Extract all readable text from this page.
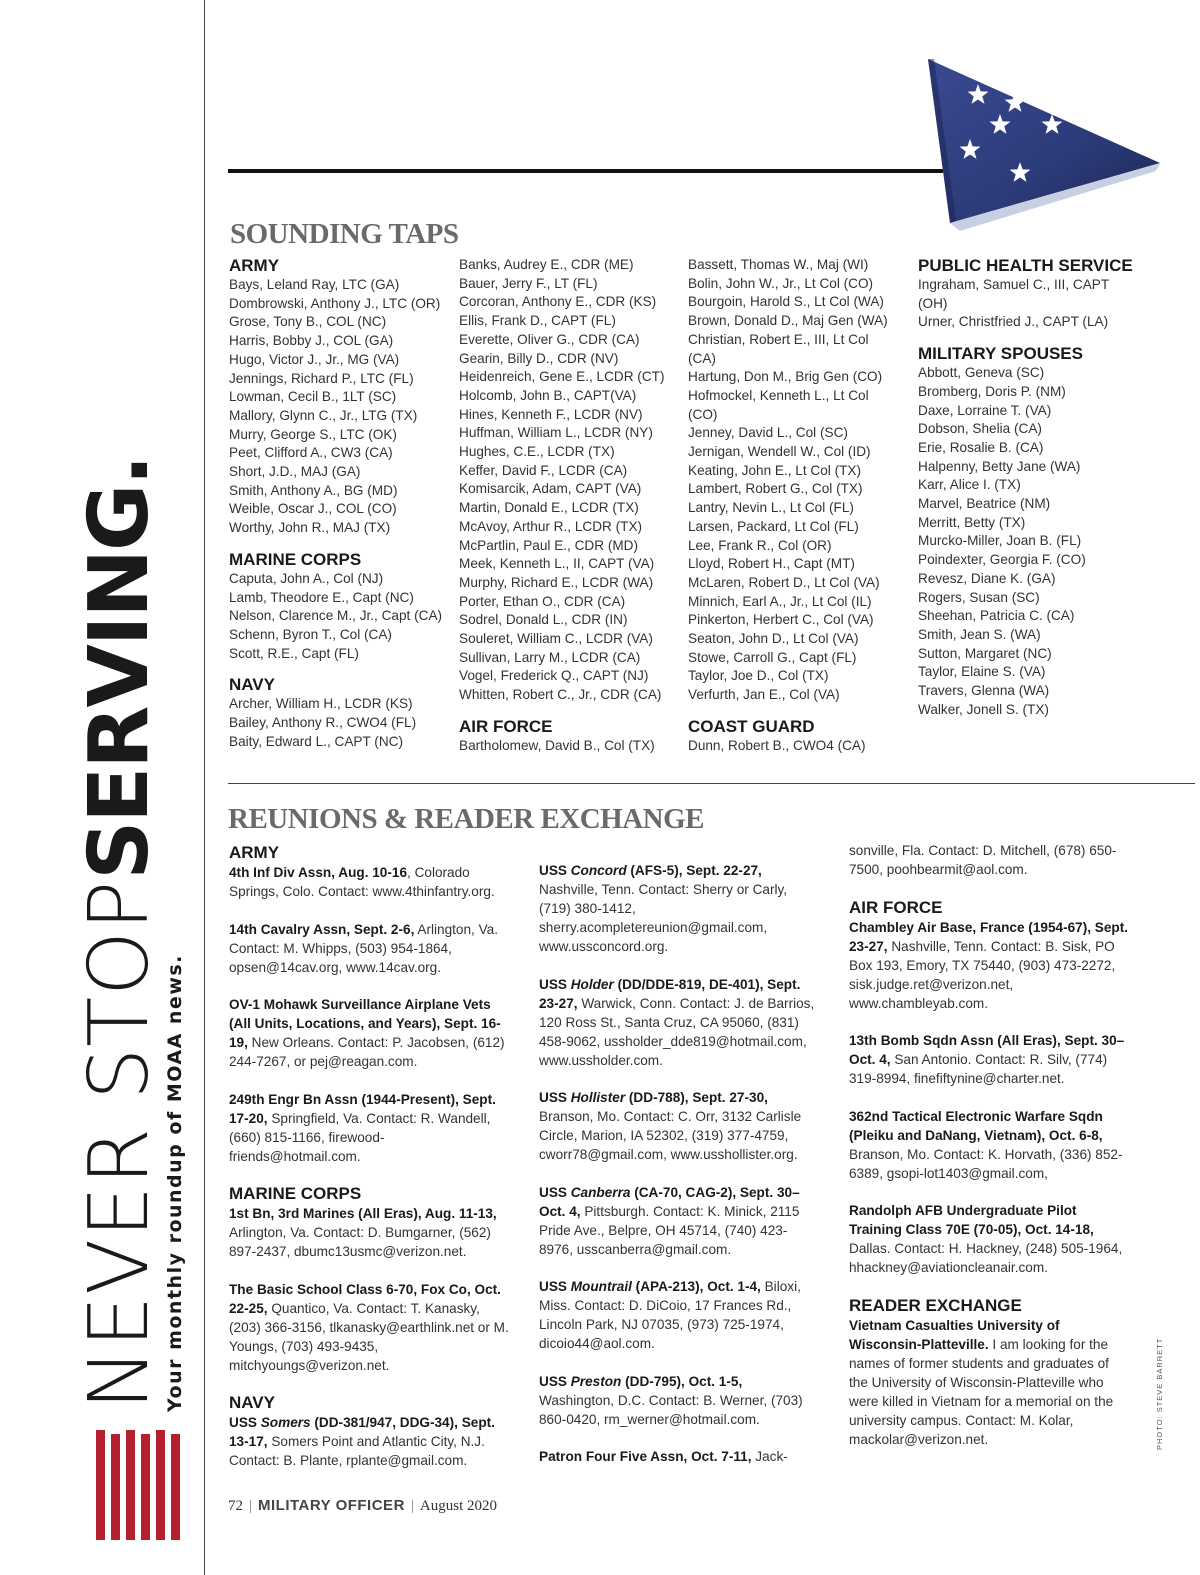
NEVER STOPSERVING.
Your monthly roundup of MOAA news.
SOUNDING TAPS
ARMY
Bays, Leland Ray, LTC (GA)
Dombrowski, Anthony J., LTC (OR)
Grose, Tony B., COL (NC)
Harris, Bobby J., COL (GA)
Hugo, Victor J., Jr., MG (VA)
Jennings, Richard P., LTC (FL)
Lowman, Cecil B., 1LT (SC)
Mallory, Glynn C., Jr., LTG (TX)
Murry, George S., LTC (OK)
Peet, Clifford A., CW3 (CA)
Short, J.D., MAJ (GA)
Smith, Anthony A., BG (MD)
Weible, Oscar J., COL (CO)
Worthy, John R., MAJ (TX)
MARINE CORPS
Caputa, John A., Col (NJ)
Lamb, Theodore E., Capt (NC)
Nelson, Clarence M., Jr., Capt (CA)
Schenn, Byron T., Col (CA)
Scott, R.E., Capt (FL)
NAVY
Archer, William H., LCDR (KS)
Bailey, Anthony R., CWO4 (FL)
Baity, Edward L., CAPT (NC)
Banks, Audrey E., CDR (ME)
Bauer, Jerry F., LT (FL)
Corcoran, Anthony E., CDR (KS)
Ellis, Frank D., CAPT (FL)
Everette, Oliver G., CDR (CA)
Gearin, Billy D., CDR (NV)
Heidenreich, Gene E., LCDR (CT)
Holcomb, John B., CAPT(VA)
Hines, Kenneth F., LCDR (NV)
Huffman, William L., LCDR (NY)
Hughes, C.E., LCDR (TX)
Keffer, David F., LCDR (CA)
Komisarcik, Adam, CAPT (VA)
Martin, Donald E., LCDR (TX)
McAvoy, Arthur R., LCDR (TX)
McPartlin, Paul E., CDR (MD)
Meek, Kenneth L., II, CAPT (VA)
Murphy, Richard E., LCDR (WA)
Porter, Ethan O., CDR (CA)
Sodrel, Donald L., CDR (IN)
Souleret, William C., LCDR (VA)
Sullivan, Larry M., LCDR (CA)
Vogel, Frederick Q., CAPT (NJ)
Whitten, Robert C., Jr., CDR (CA)
AIR FORCE
Bartholomew, David B., Col (TX)
Bassett, Thomas W., Maj (WI)
Bolin, John W., Jr., Lt Col (CO)
Bourgoin, Harold S., Lt Col (WA)
Brown, Donald D., Maj Gen (WA)
Christian, Robert E., III, Lt Col
(CA)
Hartung, Don M., Brig Gen (CO)
Hofmockel, Kenneth L., Lt Col
(CO)
Jenney, David L., Col (SC)
Jernigan, Wendell W., Col (ID)
Keating, John E., Lt Col (TX)
Lambert, Robert G., Col (TX)
Lantry, Nevin L., Lt Col (FL)
Larsen, Packard, Lt Col (FL)
Lee, Frank R., Col (OR)
Lloyd, Robert H., Capt (MT)
McLaren, Robert D., Lt Col (VA)
Minnich, Earl A., Jr., Lt Col (IL)
Pinkerton, Herbert C., Col (VA)
Seaton, John D., Lt Col (VA)
Stowe, Carroll G., Capt (FL)
Taylor, Joe D., Col (TX)
Verfurth, Jan E., Col (VA)
COAST GUARD
Dunn, Robert B., CWO4 (CA)
PUBLIC HEALTH SERVICE
Ingraham, Samuel C., III, CAPT
(OH)
Urner, Christfried J., CAPT (LA)
MILITARY SPOUSES
Abbott, Geneva (SC)
Bromberg, Doris P. (NM)
Daxe, Lorraine T. (VA)
Dobson, Shelia (CA)
Erie, Rosalie B. (CA)
Halpenny, Betty Jane (WA)
Karr, Alice I. (TX)
Marvel, Beatrice (NM)
Merritt, Betty (TX)
Murcko-Miller, Joan B. (FL)
Poindexter, Georgia F. (CO)
Revesz, Diane K. (GA)
Rogers, Susan (SC)
Sheehan, Patricia C. (CA)
Smith, Jean S. (WA)
Sutton, Margaret (NC)
Taylor, Elaine S. (VA)
Travers, Glenna (WA)
Walker, Jonell S. (TX)
REUNIONS & READER EXCHANGE
ARMY

4th Inf Div Assn, Aug. 10-16, Colorado Springs, Colo. Contact: www.4thinfantry.org.

14th Cavalry Assn, Sept. 2-6, Arlington, Va. Contact: M. Whipps, (503) 954-1864, opsen@14cav.org, www.14cav.org.

OV-1 Mohawk Surveillance Airplane Vets (All Units, Locations, and Years), Sept. 16-19, New Orleans. Contact: P. Jacobsen, (612) 244-7267, or pej@reagan.com.

249th Engr Bn Assn (1944-Present), Sept. 17-20, Springfield, Va. Contact: R. Wandell, (660) 815-1166, firewood-friends@hotmail.com.

MARINE CORPS

1st Bn, 3rd Marines (All Eras), Aug. 11-13, Arlington, Va. Contact: D. Bumgarner, (562) 897-2437, dbumc13usmc@verizon.net.

The Basic School Class 6-70, Fox Co, Oct. 22-25, Quantico, Va. Contact: T. Kanasky, (203) 366-3156, tlkanasky@earthlink.net or M. Youngs, (703) 493-9435, mitchyoungs@verizon.net.

NAVY

USS Somers (DD-381/947, DDG-34), Sept. 13-17, Somers Point and Atlantic City, N.J. Contact: B. Plante, rplante@gmail.com.

USS Concord (AFS-5), Sept. 22-27, Nashville, Tenn. Contact: Sherry or Carly, (719) 380-1412, sherry.acompletereunion@gmail.com, www.ussconcord.org.

USS Holder (DD/DDE-819, DE-401), Sept. 23-27, Warwick, Conn. Contact: J. de Barrios, 120 Ross St., Santa Cruz, CA 95060, (831) 458-9062, ussholder_dde819@hotmail.com, www.ussholder.com.

USS Hollister (DD-788), Sept. 27-30, Branson, Mo. Contact: C. Orr, 3132 Carlisle Circle, Marion, IA 52302, (319) 377-4759, cworr78@gmail.com, www.usshollister.org.

USS Canberra (CA-70, CAG-2), Sept. 30–Oct. 4, Pittsburgh. Contact: K. Minick, 2115 Pride Ave., Belpre, OH 45714, (740) 423-8976, usscanberra@gmail.com.

USS Mountrail (APA-213), Oct. 1-4, Biloxi, Miss. Contact: D. DiCoio, 17 Frances Rd., Lincoln Park, NJ 07035, (973) 725-1974, dicoio44@aol.com.

USS Preston (DD-795), Oct. 1-5, Washington, D.C. Contact: B. Werner, (703) 860-0420, rm_werner@hotmail.com.

Patron Four Five Assn, Oct. 7-11, Jack-

sonville, Fla. Contact: D. Mitchell, (678) 650-7500, poohbearmit@aol.com.

AIR FORCE

Chambley Air Base, France (1954-67), Sept. 23-27, Nashville, Tenn. Contact: B. Sisk, PO Box 193, Emory, TX 75440, (903) 473-2272, sisk.judge.ret@verizon.net, www.chambleyab.com.

13th Bomb Sqdn Assn (All Eras), Sept. 30–Oct. 4, San Antonio. Contact: R. Silv, (774) 319-8994, finefiftynine@charter.net.

362nd Tactical Electronic Warfare Sqdn (Pleiku and DaNang, Vietnam), Oct. 6-8, Branson, Mo. Contact: K. Horvath, (336) 852-6389, gsopi-lot1403@gmail.com,

Randolph AFB Undergraduate Pilot Training Class 70E (70-05), Oct. 14-18, Dallas. Contact: H. Hackney, (248) 505-1964, hhackney@aviationcleanair.com.

READER EXCHANGE

Vietnam Casualties University of Wisconsin-Platteville. I am looking for the names of former students and graduates of the University of Wisconsin-Platteville who were killed in Vietnam for a memorial on the university campus. Contact: M. Kolar, mackolar@verizon.net.

72 | MILITARY OFFICER | August 2020
PHOTO: STEVE BARRETT
